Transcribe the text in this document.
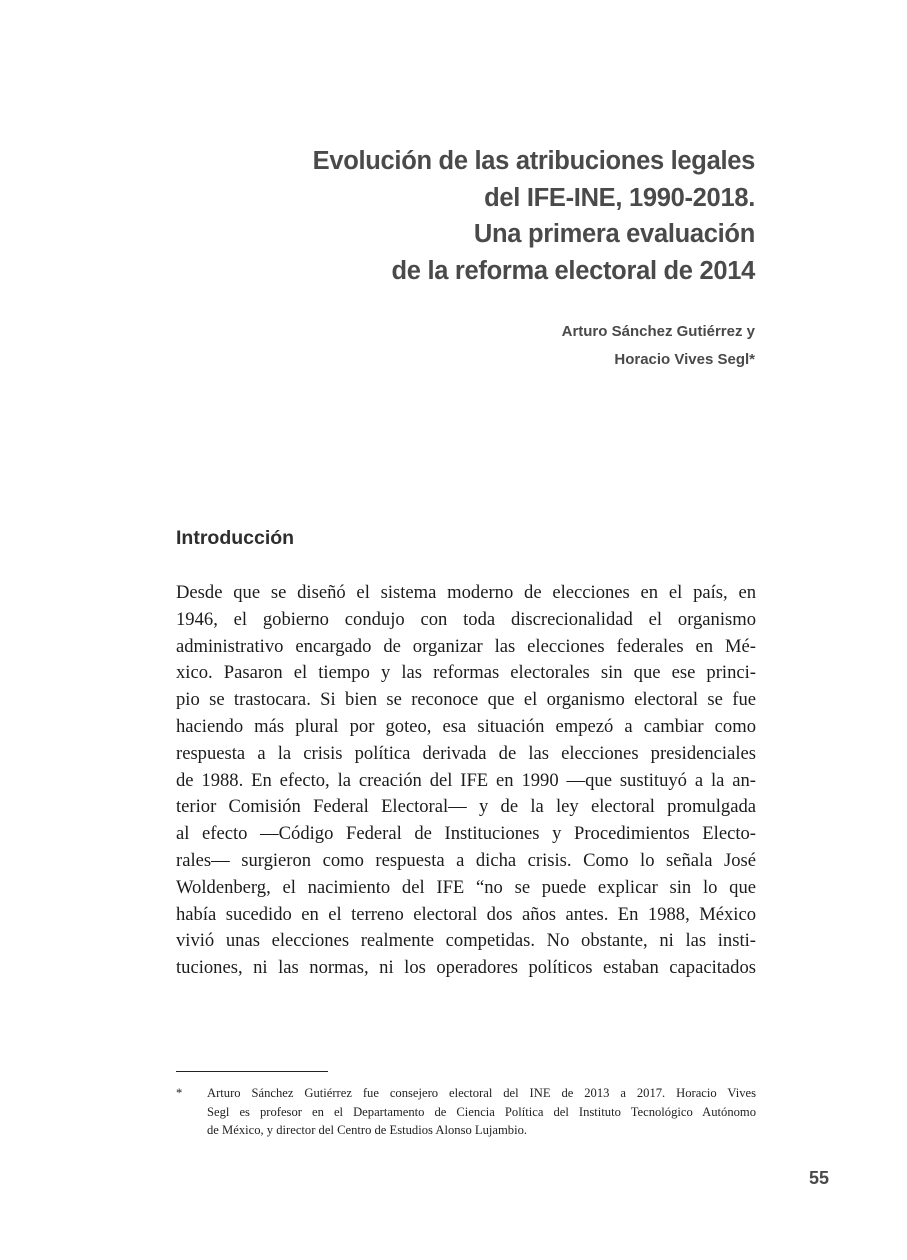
Evolución de las atribuciones legales
del IFE-INE, 1990-2018.
Una primera evaluación
de la reforma electoral de 2014
Arturo Sánchez Gutiérrez y
Horacio Vives Segl*
Introducción
Desde que se diseñó el sistema moderno de elecciones en el país, en
1946, el gobierno condujo con toda discrecionalidad el organismo
administrativo encargado de organizar las elecciones federales en Mé-
xico. Pasaron el tiempo y las reformas electorales sin que ese princi-
pio se trastocara. Si bien se reconoce que el organismo electoral se fue
haciendo más plural por goteo, esa situación empezó a cambiar como
respuesta a la crisis política derivada de las elecciones presidenciales
de 1988. En efecto, la creación del IFE en 1990 —que sustituyó a la an-
terior Comisión Federal Electoral— y de la ley electoral promulgada
al efecto —Código Federal de Instituciones y Procedimientos Electo-
rales— surgieron como respuesta a dicha crisis. Como lo señala José
Woldenberg, el nacimiento del IFE “no se puede explicar sin lo que
había sucedido en el terreno electoral dos años antes. En 1988, México
vivió unas elecciones realmente competidas. No obstante, ni las insti-
tuciones, ni las normas, ni los operadores políticos estaban capacitados
*	Arturo Sánchez Gutiérrez fue consejero electoral del INE de 2013 a 2017. Horacio Vives
Segl es profesor en el Departamento de Ciencia Política del Instituto Tecnológico Autónomo
de México, y director del Centro de Estudios Alonso Lujambio.
55
